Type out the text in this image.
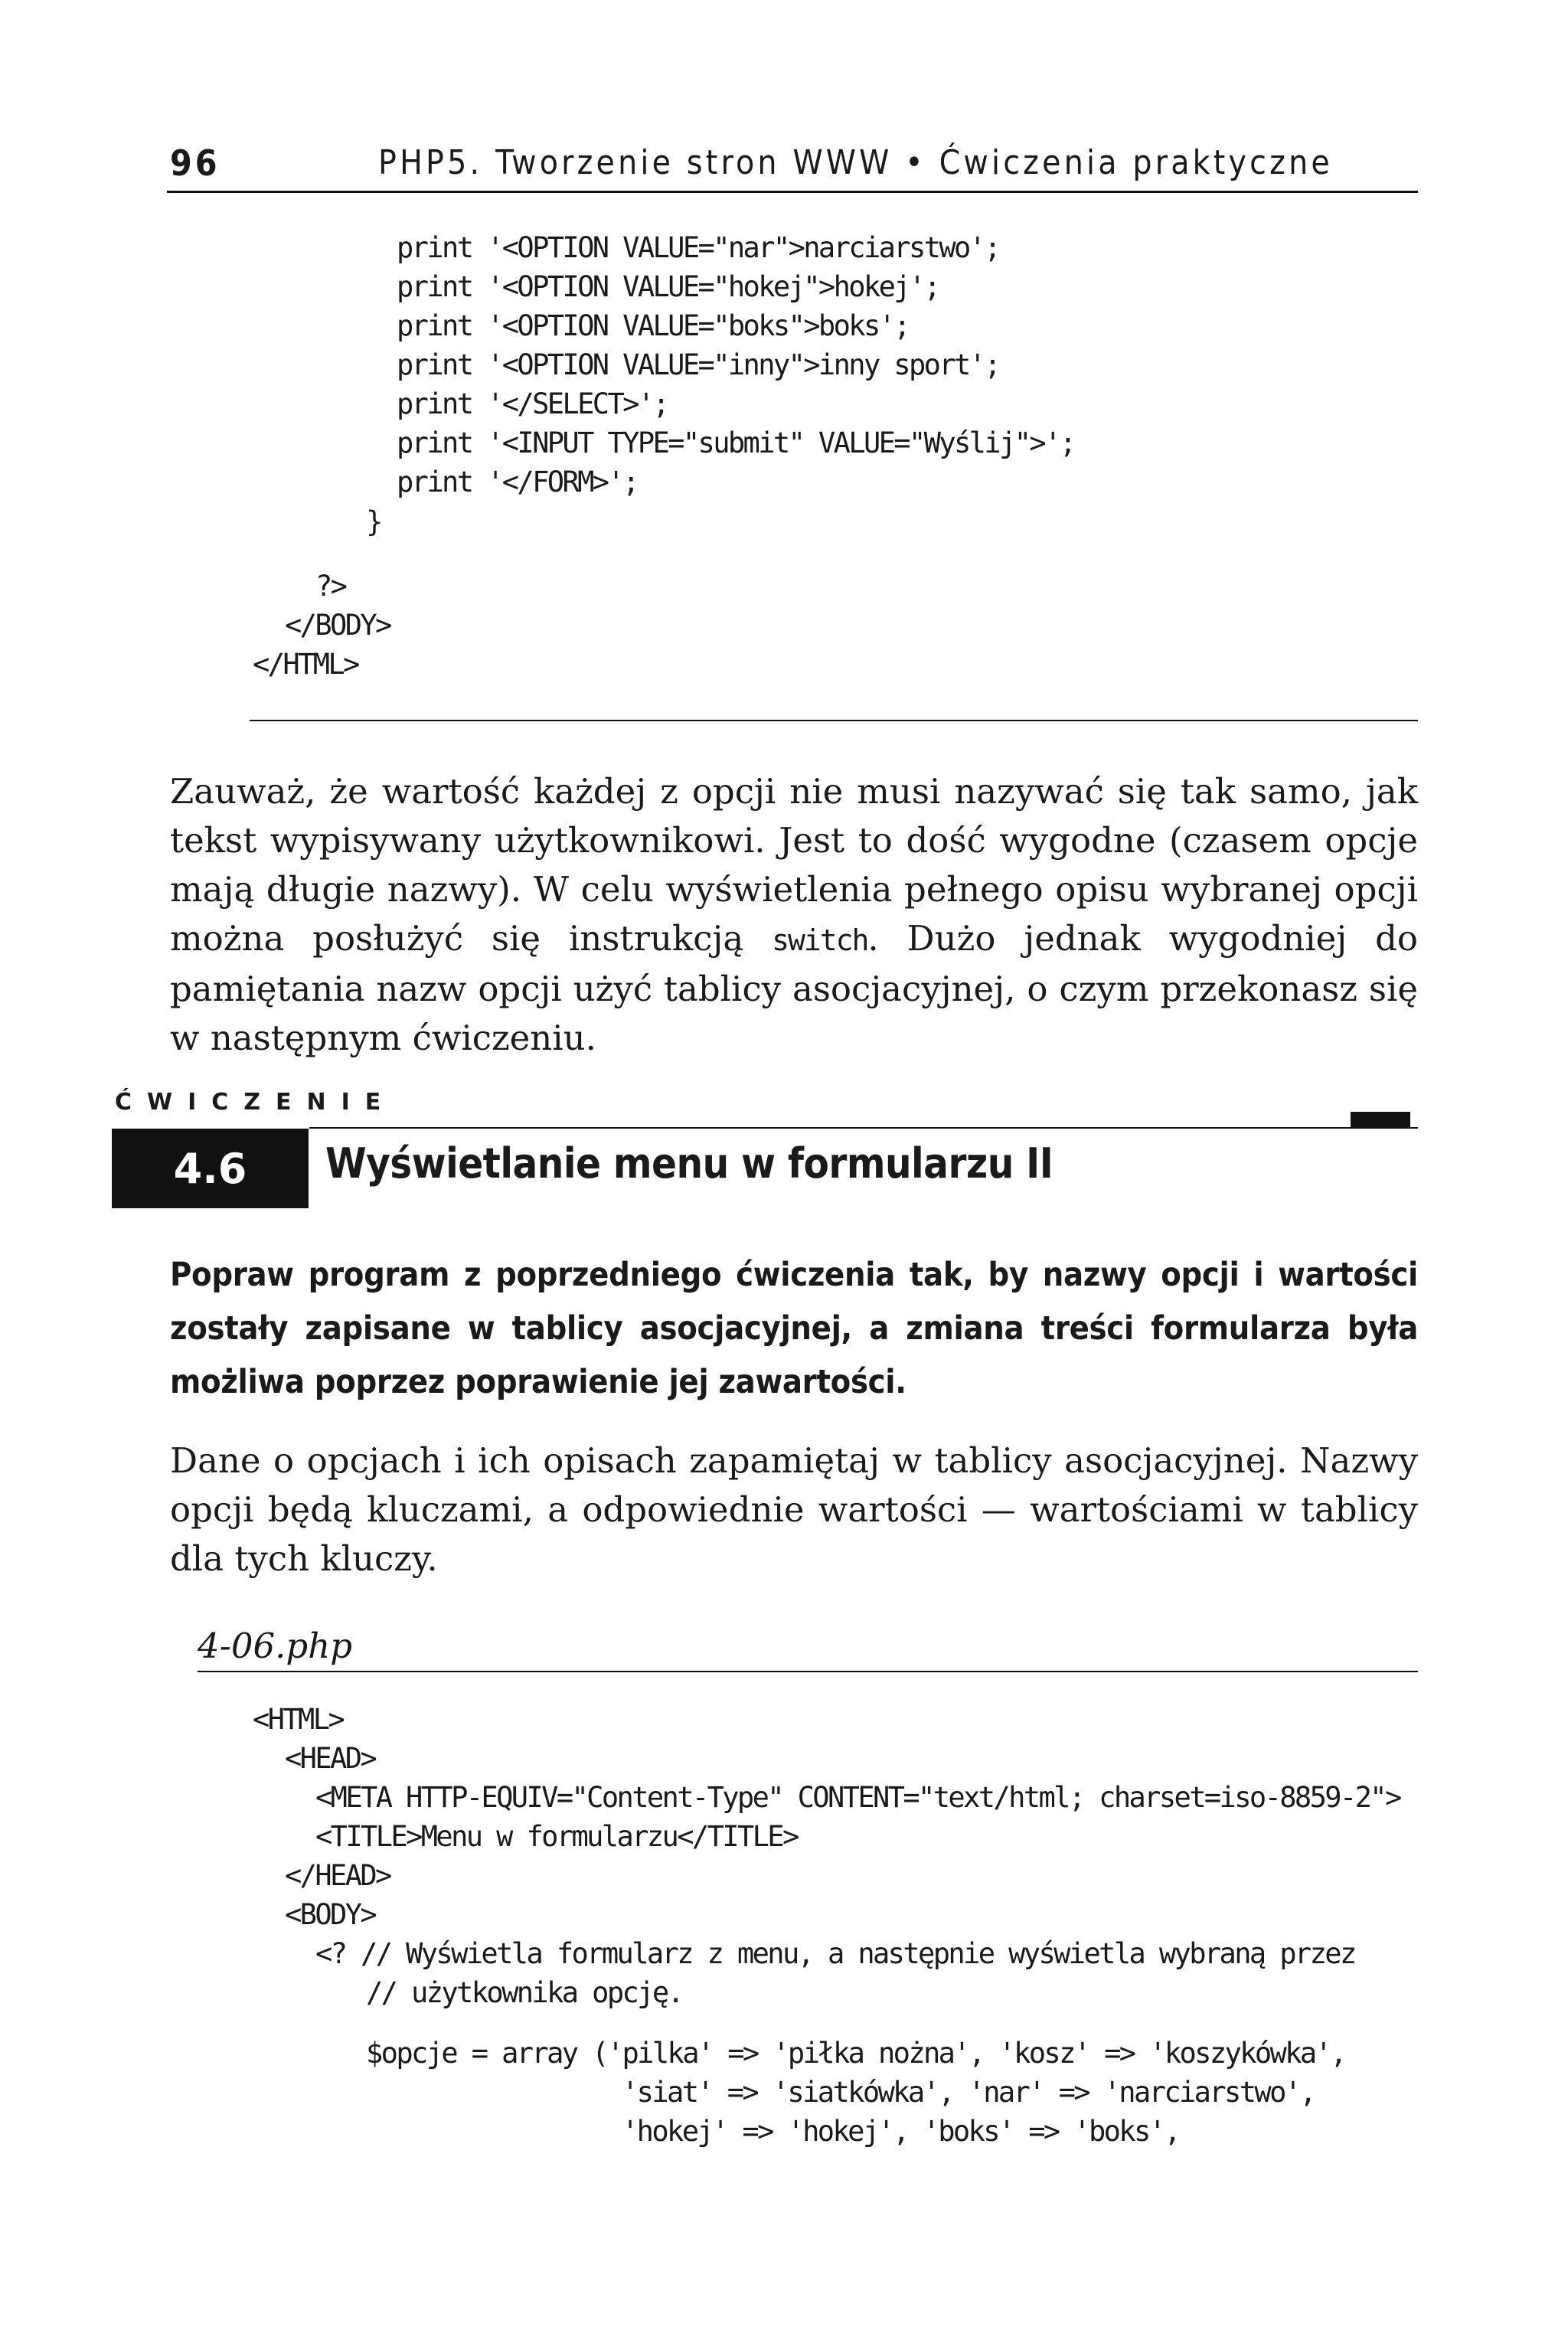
96	PHP5. Tworzenie stron WWW • Ćwiczenia praktyczne
print '<OPTION VALUE="nar">narciarstwo';
print '<OPTION VALUE="hokej">hokej';
print '<OPTION VALUE="boks">boks';
print '<OPTION VALUE="inny">inny sport';
print '</SELECT>';
print '<INPUT TYPE="submit" VALUE="Wyślij">';
print '</FORM>';
}
?>
</BODY>
</HTML>

Zauważ, że wartość każdej z opcji nie musi nazywać się tak samo, jak tekst wypisywany użytkownikowi. Jest to dość wygodne (czasem opcje mają długie nazwy). W celu wyświetlenia pełnego opisu wybranej opcji można posłużyć się instrukcją switch. Dużo jednak wygodniej do pamiętania nazw opcji użyć tablicy asocjacyjnej, o czym przekonasz się w następnym ćwiczeniu.

ĆWICZENIE
4.6 Wyświetlanie menu w formularzu II

Popraw program z poprzedniego ćwiczenia tak, by nazwy opcji i wartości zostały zapisane w tablicy asocjacyjnej, a zmiana treści formularza była możliwa poprzez poprawienie jej zawartości.

Dane o opcjach i ich opisach zapamiętaj w tablicy asocjacyjnej. Nazwy opcji będą kluczami, a odpowiednie wartości — wartościami w tablicy dla tych kluczy.

4-06.php
<HTML>
<HEAD>
<META HTTP-EQUIV="Content-Type" CONTENT="text/html; charset=iso-8859-2">
<TITLE>Menu w formularzu</TITLE>
</HEAD>
<BODY>
<? // Wyświetla formularz z menu, a następnie wyświetla wybraną przez
// użytkownika opcję.
$opcje = array ('pilka' => 'piłka nożna', 'kosz' => 'koszykówka',
'siat' => 'siatkówka', 'nar' => 'narciarstwo',
'hokej' => 'hokej', 'boks' => 'boks',
